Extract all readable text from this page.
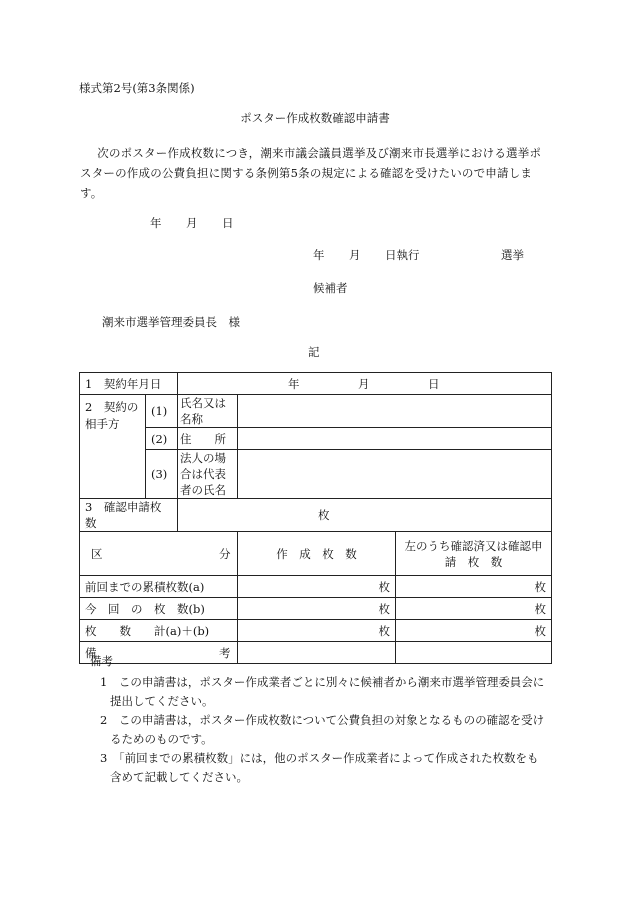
様式第2号(第3条関係)
ポスター作成枚数確認申請書
次のポスター作成枚数につき，潮来市議会議員選挙及び潮来市長選挙における選挙ポスターの作成の公費負担に関する条例第5条の規定による確認を受けたいので申請します。
年 月 日
年 月 日執行	選挙
候補者
潮来市選挙管理委員長　様
記
1　契約年月日		年 月 日		
2　契約の相手方	(1)	氏名又は名称		
	(2)	住　　所		
	(3)	法人の場合は代表者の氏名		
3　確認申請枚数		枚		
区 分			作　成　枚　数	左のうち確認済又は確認申　請　枚　数
前回までの累積枚数(a)			枚	枚
今　回　の　枚　数(b)			枚	枚
枚　　数　　計(a)＋(b)			枚	枚
備 考				
備考
1　この申請書は，ポスター作成業者ごとに別々に候補者から潮来市選挙管理委員会に提出してください。
2　この申請書は，ポスター作成枚数について公費負担の対象となるものの確認を受けるためのものです。
3　「前回までの累積枚数」には，他のポスター作成業者によって作成された枚数をも含めて記載してください。
